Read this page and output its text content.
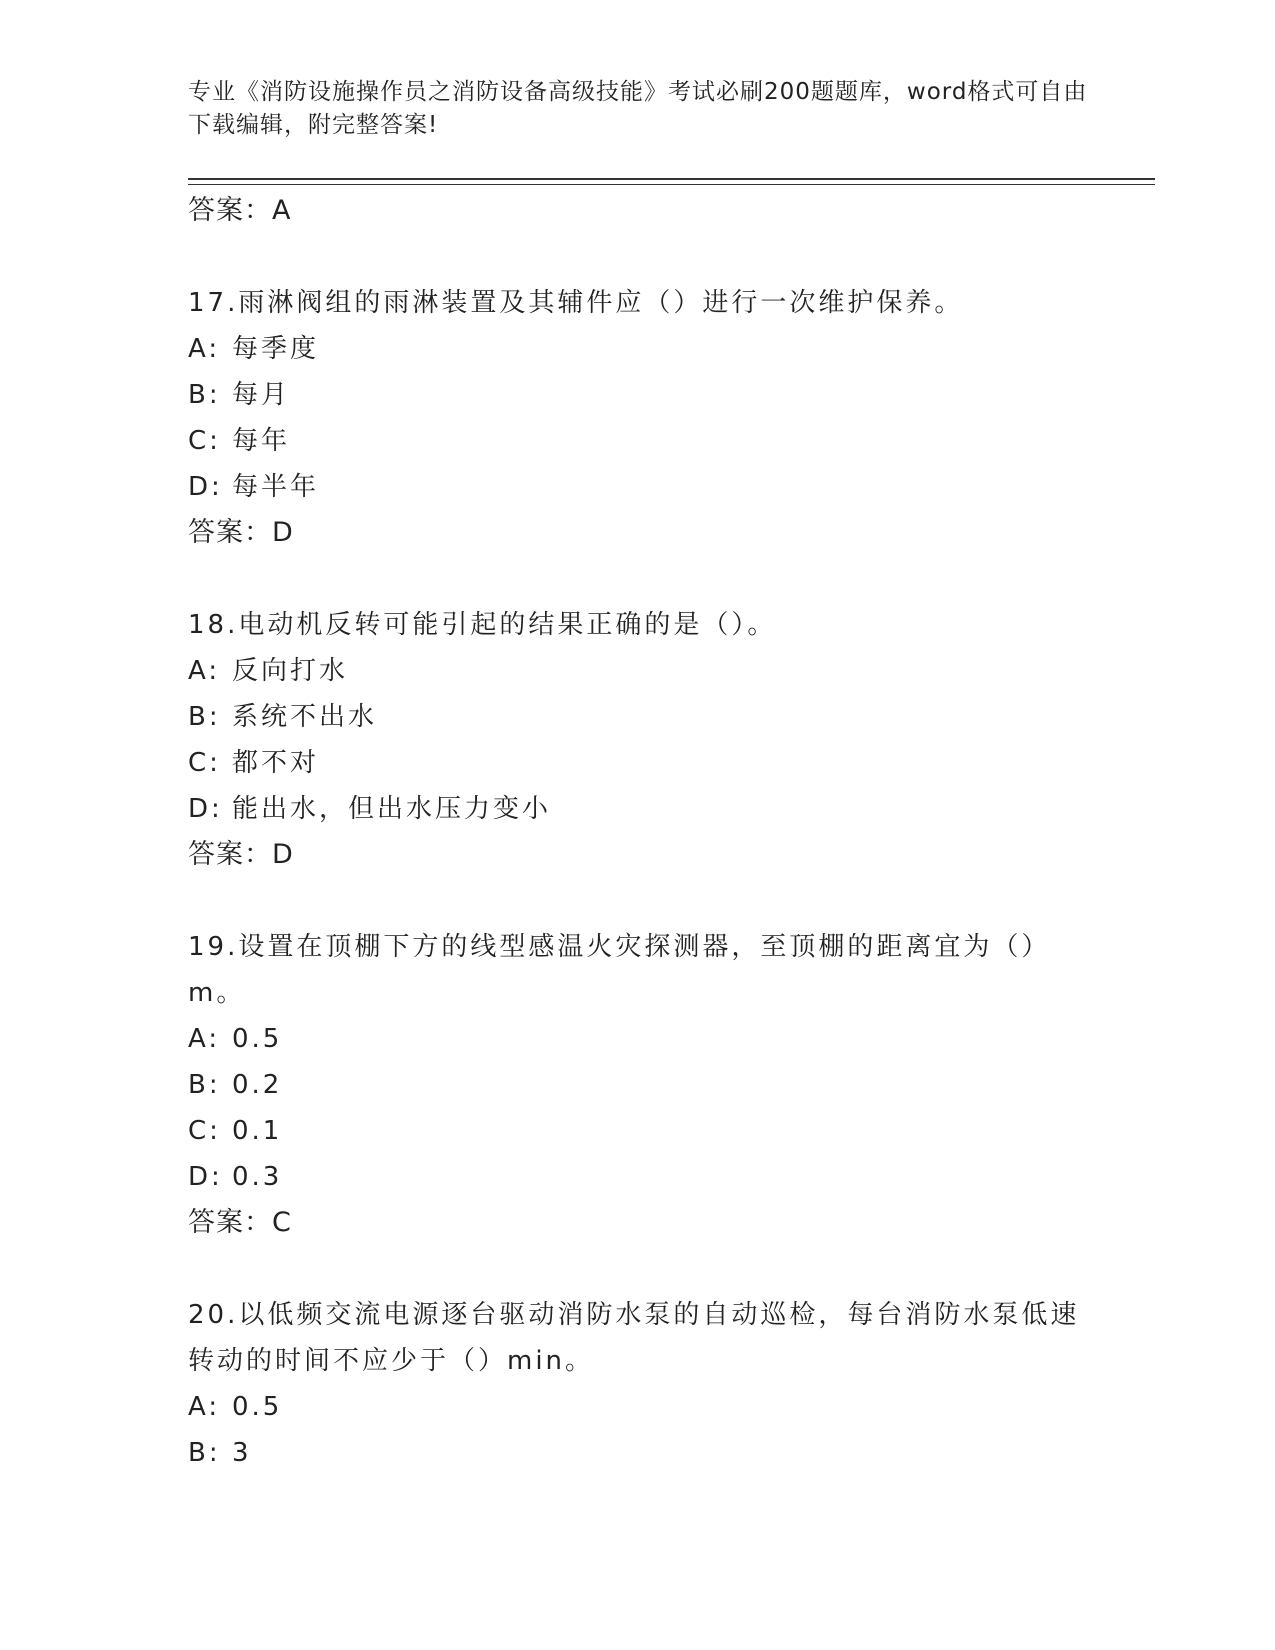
专业《消防设施操作员之消防设备高级技能》考试必刷200题题库，word格式可自由下载编辑，附完整答案!

答案：A

17.雨淋阀组的雨淋装置及其辅件应（）进行一次维护保养。

A: 每季度

B: 每月

C: 每年

D: 每半年

答案：D

18.电动机反转可能引起的结果正确的是（）。

A: 反向打水

B: 系统不出水

C: 都不对

D: 能出水，但出水压力变小

答案：D

19.设置在顶棚下方的线型感温火灾探测器，至顶棚的距离宜为（）m。

A: 0.5

B: 0.2

C: 0.1

D: 0.3

答案：C

20.以低频交流电源逐台驱动消防水泵的自动巡检，每台消防水泵低速转动的时间不应少于（）min。

A: 0.5

B: 3
